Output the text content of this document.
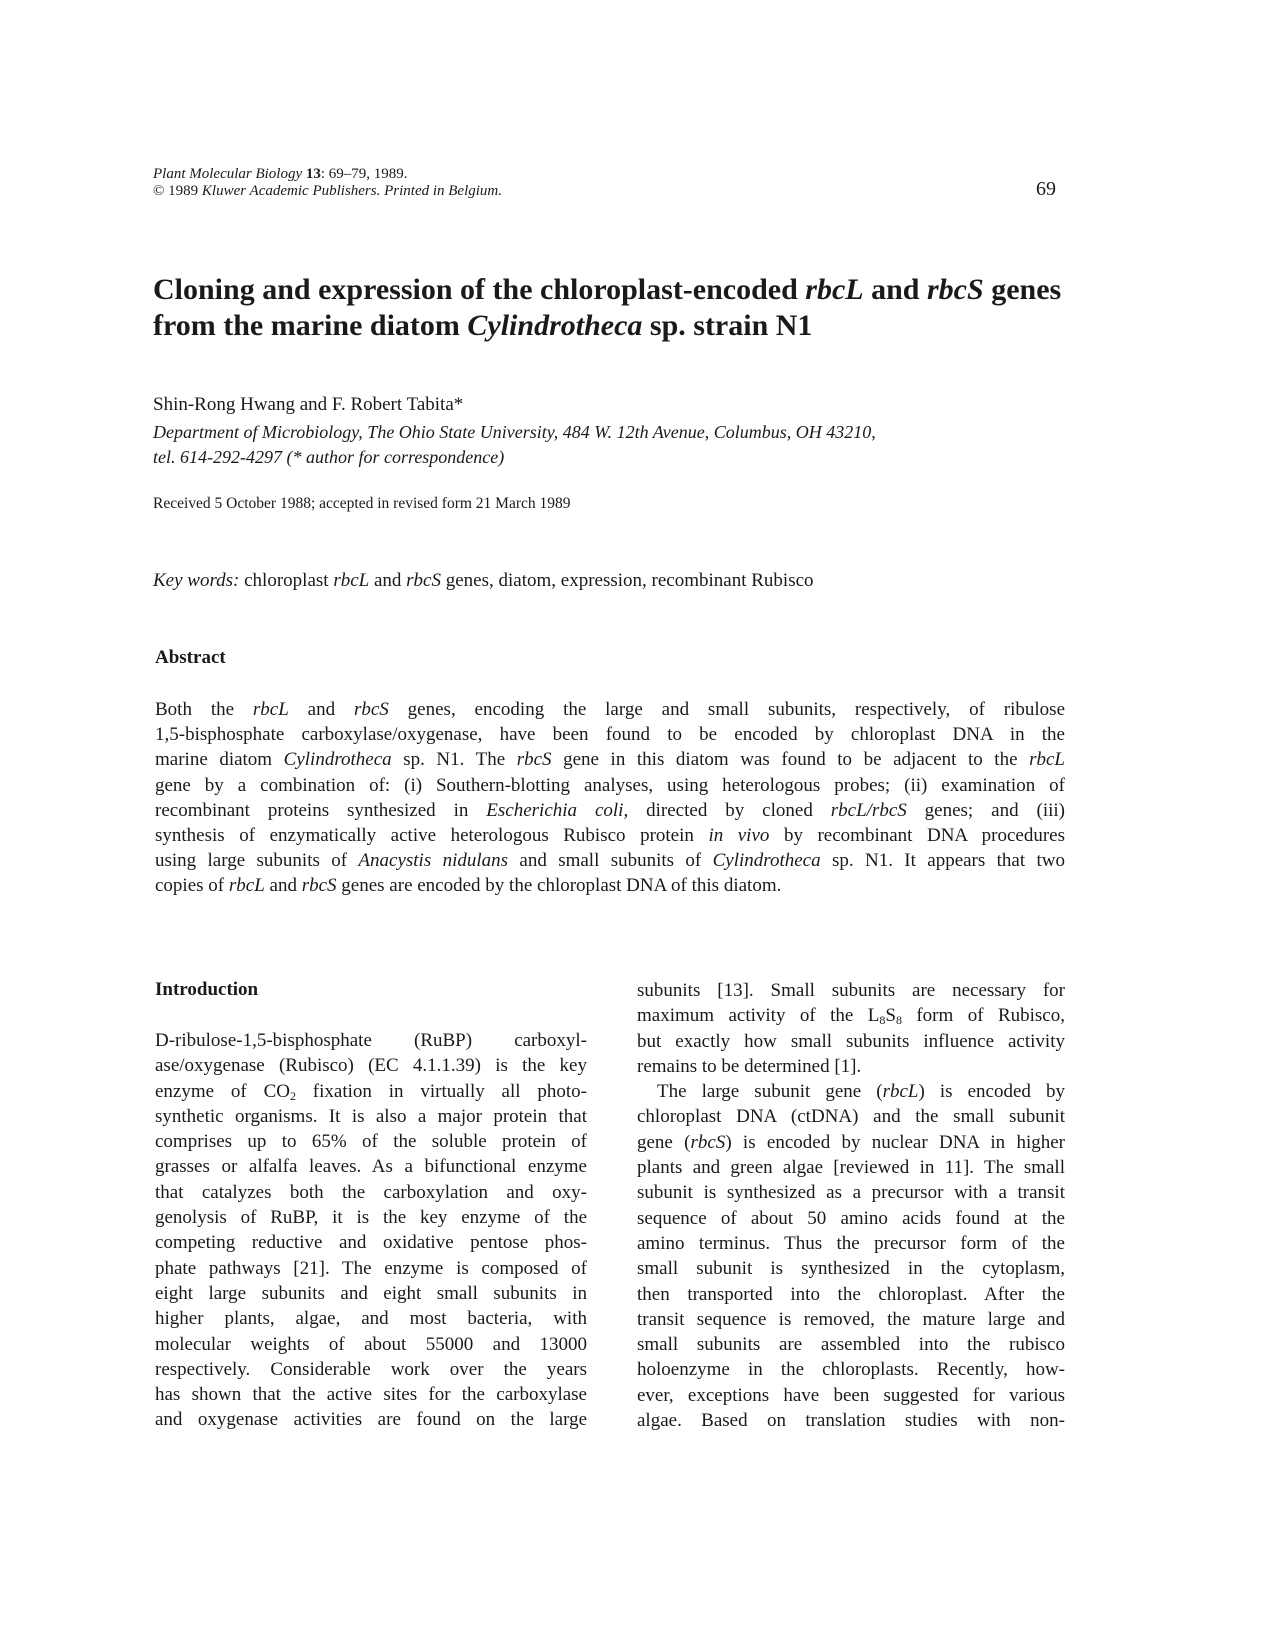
Plant Molecular Biology 13: 69–79, 1989.
© 1989 Kluwer Academic Publishers. Printed in Belgium.	69
Cloning and expression of the chloroplast-encoded rbcL and rbcS genes
from the marine diatom Cylindrotheca sp. strain N1
Shin-Rong Hwang and F. Robert Tabita*
Department of Microbiology, The Ohio State University, 484 W. 12th Avenue, Columbus, OH 43210,
tel. 614-292-4297 (* author for correspondence)
Received 5 October 1988; accepted in revised form 21 March 1989
Key words: chloroplast rbcL and rbcS genes, diatom, expression, recombinant Rubisco
Abstract
Both the rbcL and rbcS genes, encoding the large and small subunits, respectively, of ribulose
1,5-bisphosphate carboxylase/oxygenase, have been found to be encoded by chloroplast DNA in the
marine diatom Cylindrotheca sp. N1. The rbcS gene in this diatom was found to be adjacent to the rbcL
gene by a combination of: (i) Southern-blotting analyses, using heterologous probes; (ii) examination of
recombinant proteins synthesized in Escherichia coli, directed by cloned rbcL/rbcS genes; and (iii)
synthesis of enzymatically active heterologous Rubisco protein in vivo by recombinant DNA procedures
using large subunits of Anacystis nidulans and small subunits of Cylindrotheca sp. N1. It appears that two
copies of rbcL and rbcS genes are encoded by the chloroplast DNA of this diatom.
Introduction
D-ribulose-1,5-bisphosphate (RuBP) carboxyl-
ase/oxygenase (Rubisco) (EC 4.1.1.39) is the key
enzyme of $CO_2$ fixation in virtually all photo-
synthetic organisms. It is also a major protein that
comprises up to 65% of the soluble protein of
grasses or alfalfa leaves. As a bifunctional enzyme
that catalyzes both the carboxylation and oxy-
genolysis of RuBP, it is the key enzyme of the
competing reductive and oxidative pentose phos-
phate pathways [21]. The enzyme is composed of
eight large subunits and eight small subunits in
higher plants, algae, and most bacteria, with
molecular weights of about 55000 and 13000
respectively. Considerable work over the years
has shown that the active sites for the carboxylase
and oxygenase activities are found on the large
subunits [13]. Small subunits are necessary for
maximum activity of the $L_8S_8$ form of Rubisco,
but exactly how small subunits influence activity
remains to be determined [1].
The large subunit gene (rbcL) is encoded by
chloroplast DNA (ctDNA) and the small subunit
gene (rbcS) is encoded by nuclear DNA in higher
plants and green algae [reviewed in 11]. The small
subunit is synthesized as a precursor with a transit
sequence of about 50 amino acids found at the
amino terminus. Thus the precursor form of the
small subunit is synthesized in the cytoplasm,
then transported into the chloroplast. After the
transit sequence is removed, the mature large and
small subunits are assembled into the rubisco
holoenzyme in the chloroplasts. Recently, how-
ever, exceptions have been suggested for various
algae. Based on translation studies with non-
